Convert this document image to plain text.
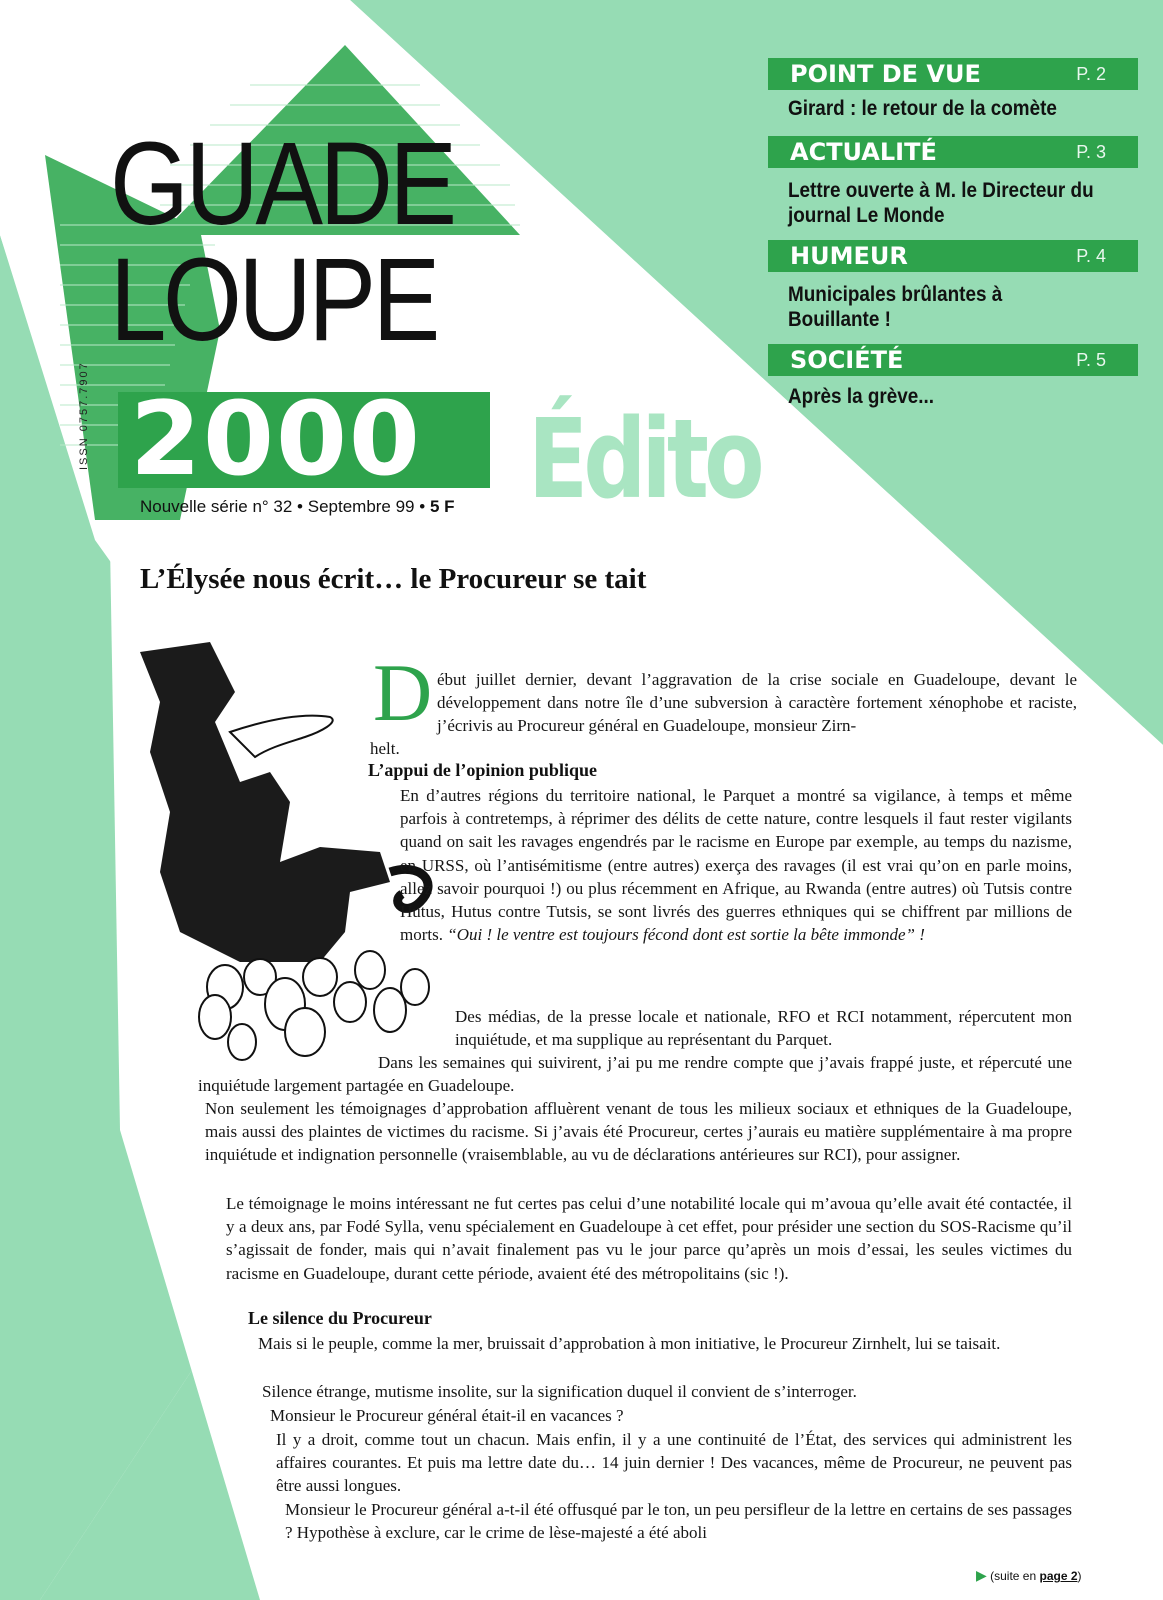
GUADE
LOUPE
2000
Nouvelle série n° 32 • Septembre 99 • 5 F
ISSN 0757.7907	Édito
POINT DE VUE	P. 2
Girard : le retour de la comète
ACTUALITÉ	P. 3
Lettre ouverte à M. le Directeur du journal Le Monde
HUMEUR	P. 4
Municipales brûlantes à Bouillante !
SOCIÉTÉ	P. 5
Après la grève...
L’Élysée nous écrit… le Procureur se tait
D ébut juillet dernier, devant l’aggravation de la crise sociale en Guadeloupe, devant le développement dans notre île d’une subversion à caractère fortement xénophobe et raciste, j’écrivis au Procureur général en Guadeloupe, monsieur Zirn-
helt.
L’appui de l’opinion publique
En d’autres régions du territoire national, le Parquet a montré sa vigilance, à temps et même parfois à contretemps, à réprimer des délits de cette nature, contre lesquels il faut rester vigilants quand on sait les ravages engendrés par le racisme en Europe par exemple, au temps du nazisme, en URSS, où l’antisémitisme (entre autres) exerça des ravages (il est vrai qu’on en parle moins, allez savoir pourquoi !) ou plus récemment en Afrique, au Rwanda (entre autres) où Tutsis contre Hutus, Hutus contre Tutsis, se sont livrés des guerres ethniques qui se chiffrent par millions de morts. “Oui ! le ventre est toujours fécond dont est sortie la bête immonde” !
Des médias, de la presse locale et nationale, RFO et RCI notamment, répercutent mon inquiétude, et ma supplique au représentant du Parquet.
Dans les semaines qui suivirent, j’ai pu me rendre compte que j’avais frappé juste, et répercuté une inquiétude largement partagée en Guadeloupe.
Non seulement les témoignages d’approbation affluèrent venant de tous les milieux sociaux et ethniques de la Guadeloupe, mais aussi des plaintes de victimes du racisme. Si j’avais été Procureur, certes j’aurais eu matière supplémentaire à ma propre inquiétude et indignation personnelle (vraisemblable, au vu de déclarations antérieures sur RCI), pour assigner.
Le témoignage le moins intéressant ne fut certes pas celui d’une notabilité locale qui m’avoua qu’elle avait été contactée, il y a deux ans, par Fodé Sylla, venu spécialement en Guadeloupe à cet effet, pour présider une section du SOS-Racisme qu’il s’agissait de fonder, mais qui n’avait finalement pas vu le jour parce qu’après un mois d’essai, les seules victimes du racisme en Guadeloupe, durant cette période, avaient été des métropolitains (sic !).
Le silence du Procureur
Mais si le peuple, comme la mer, bruissait d’approbation à mon initiative, le Procureur Zirnhelt, lui se taisait.
Silence étrange, mutisme insolite, sur la signification duquel il convient de s’interroger.
Monsieur le Procureur général était-il en vacances ?
Il y a droit, comme tout un chacun. Mais enfin, il y a une continuité de l’État, des services qui administrent les affaires courantes. Et puis ma lettre date du… 14 juin dernier ! Des vacances, même de Procureur, ne peuvent pas être aussi longues.
Monsieur le Procureur général a-t-il été offusqué par le ton, un peu persifleur de la lettre en certains de ses passages ? Hypothèse à exclure, car le crime de lèse-majesté a été aboli
▶ (suite en page 2)
